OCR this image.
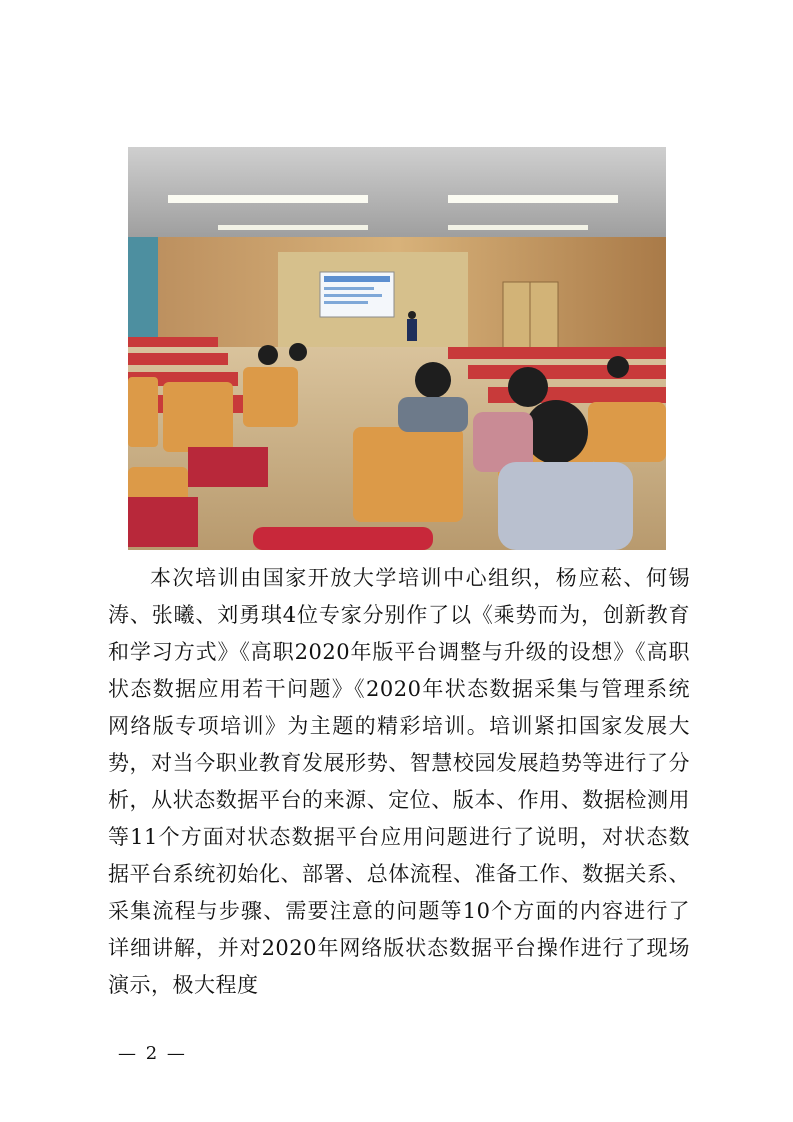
本次培训由国家开放大学培训中心组织，杨应菘、何锡涛、张曦、刘勇琪4位专家分别作了以《乘势而为，创新教育和学习方式》《高职2020年版平台调整与升级的设想》《高职状态数据应用若干问题》《2020年状态数据采集与管理系统网络版专项培训》为主题的精彩培训。培训紧扣国家发展大势，对当今职业教育发展形势、智慧校园发展趋势等进行了分析，从状态数据平台的来源、定位、版本、作用、数据检测用等11个方面对状态数据平台应用问题进行了说明，对状态数据平台系统初始化、部署、总体流程、准备工作、数据关系、采集流程与步骤、需要注意的问题等10个方面的内容进行了详细讲解，并对2020年网络版状态数据平台操作进行了现场演示，极大程度

— 2 —
